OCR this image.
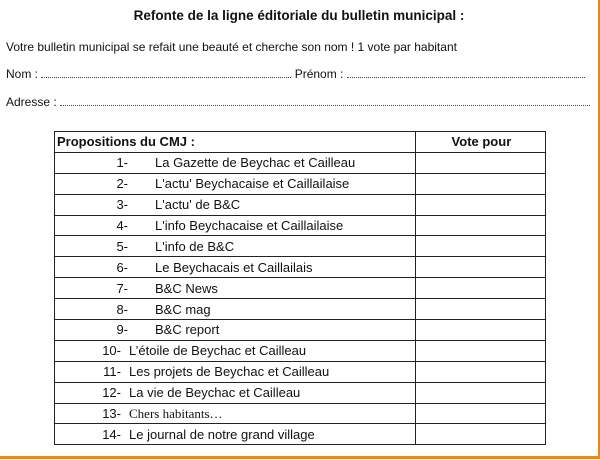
Refonte de la ligne éditoriale du bulletin municipal :
Votre bulletin municipal se refait une beauté et cherche son nom ! 1 vote par habitant
Nom :	Prénom :
Adresse :
Propositions du CMJ :	Vote pour
1- La Gazette de Beychac et Cailleau	
2- L'actu' Beychacaise et Caillailaise	
3- L'actu' de B&C	
4- L'info Beychacaise et Caillailaise	
5- L'info de B&C	
6- Le Beychacais et Caillailais	
7- B&C News	
8- B&C mag	
9- B&C report	
10- L’étoile de Beychac et Cailleau	
11- Les projets de Beychac et Cailleau	
12- La vie de Beychac et Cailleau	
13- Chers habitants…	
14- Le journal de notre grand village	
